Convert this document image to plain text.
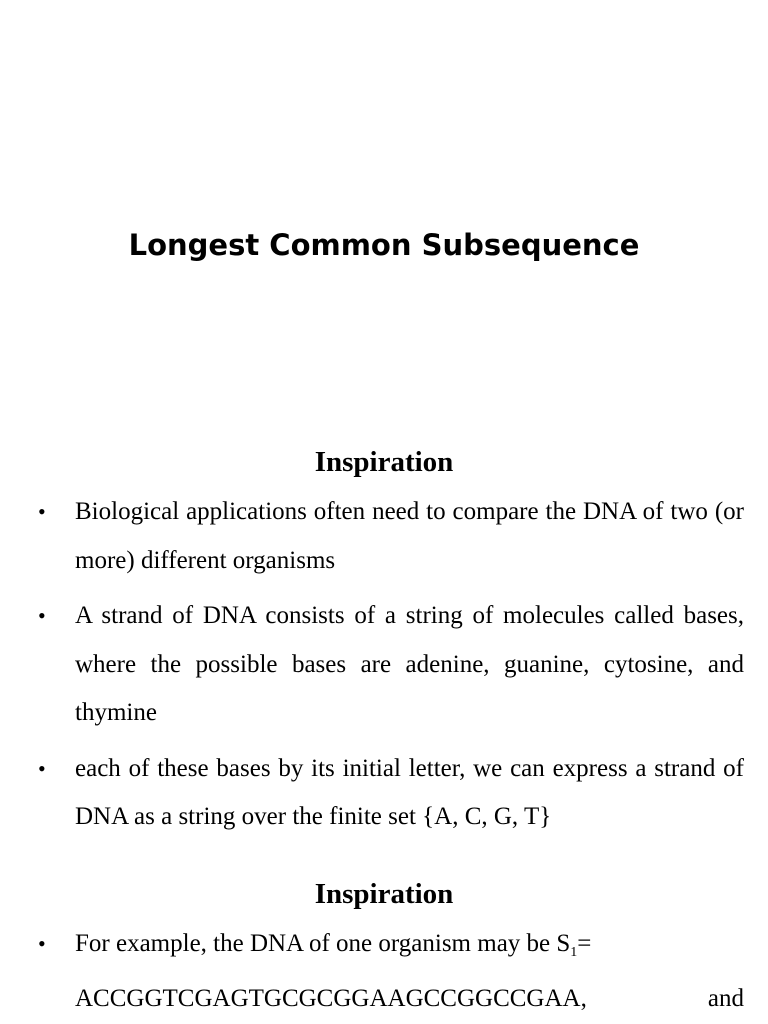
Longest Common Subsequence
Inspiration
• Biological applications often need to compare the DNA of two (or more) different organisms
• A strand of DNA consists of a string of molecules called bases, where the possible bases are adenine, guanine, cytosine, and thymine
• each of these bases by its initial letter, we can express a strand of DNA as a string over the finite set {A, C, G, T}
Inspiration
• For example, the DNA of one organism may be $S_1=$
ACCGGTCGAGTGCGCGGAAGCCGGCCGAA,	and
